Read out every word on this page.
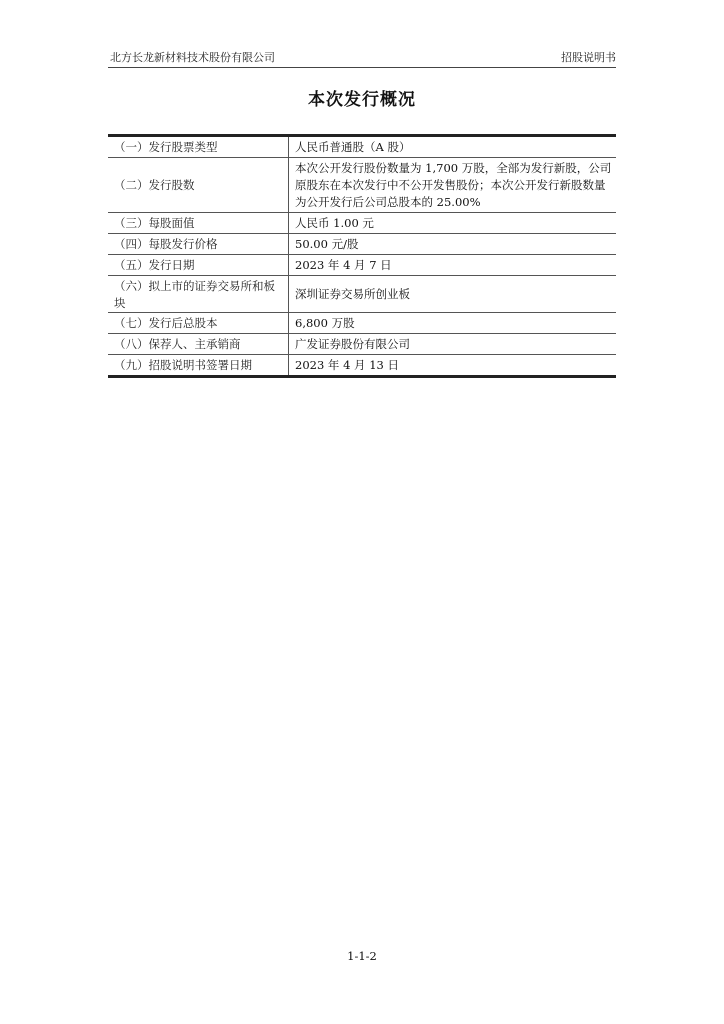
北方长龙新材料技术股份有限公司	招股说明书
本次发行概况
（一）发行股票类型	人民币普通股（A 股）
（二）发行股数	本次公开发行股份数量为 1,700 万股，全部为发行新股，公司原股东在本次发行中不公开发售股份；本次公开发行新股数量为公开发行后公司总股本的 25.00%
（三）每股面值	人民币 1.00 元
（四）每股发行价格	50.00 元/股
（五）发行日期	2023 年 4 月 7 日
（六）拟上市的证券交易所和板块	深圳证券交易所创业板
（七）发行后总股本	6,800 万股
（八）保荐人、主承销商	广发证券股份有限公司
（九）招股说明书签署日期	2023 年 4 月 13 日
1-1-2
